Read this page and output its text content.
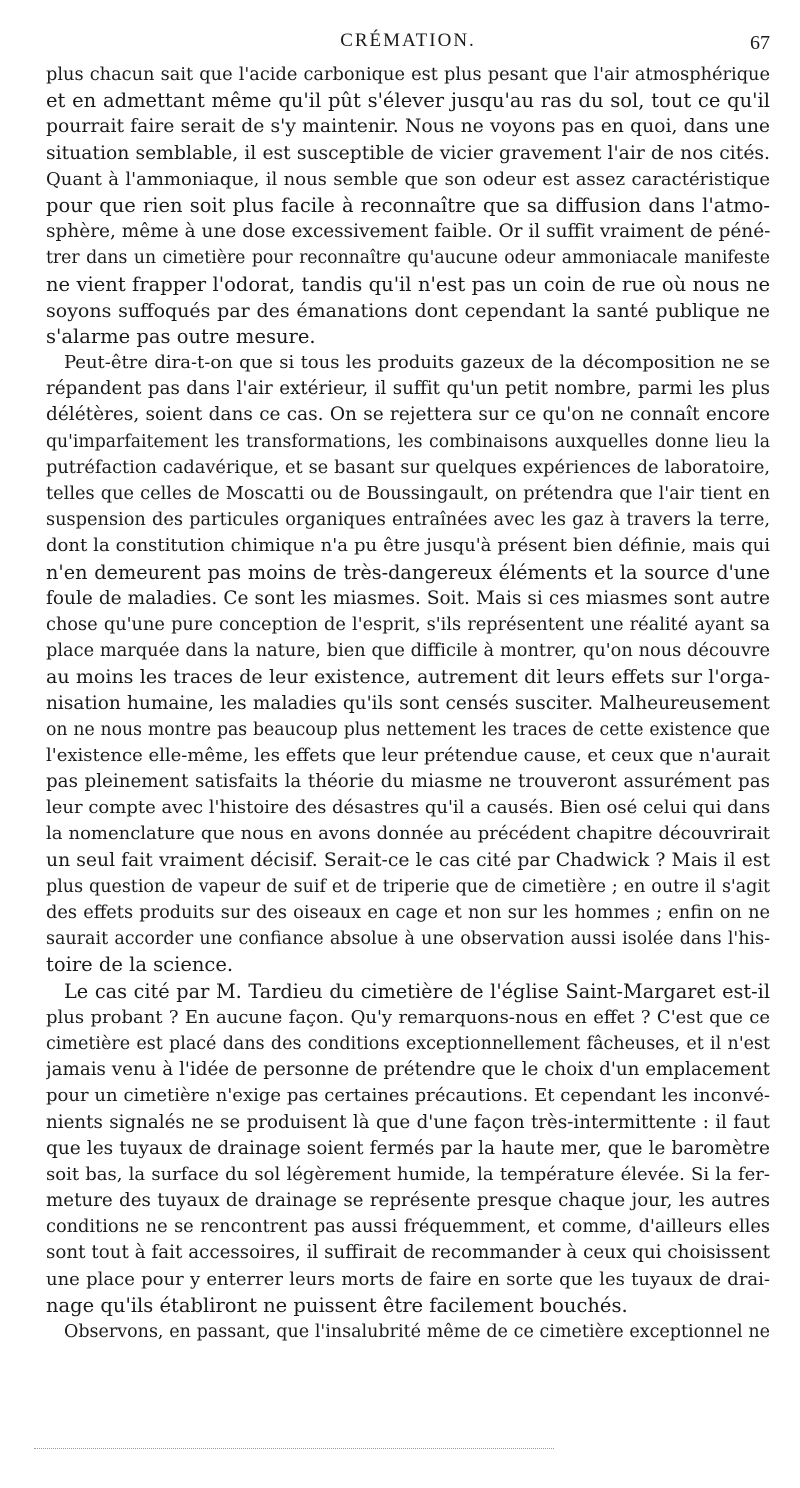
CRÉMATION.	67
plus chacun sait que l'acide carbonique est plus pesant que l'air atmosphérique
et en admettant même qu'il pût s'élever jusqu'au ras du sol, tout ce qu'il
pourrait faire serait de s'y maintenir. Nous ne voyons pas en quoi, dans une
situation semblable, il est susceptible de vicier gravement l'air de nos cités.
Quant à l'ammoniaque, il nous semble que son odeur est assez caractéristique
pour que rien soit plus facile à reconnaître que sa diffusion dans l'atmo-
sphère, même à une dose excessivement faible. Or il suffit vraiment de péné-
trer dans un cimetière pour reconnaître qu'aucune odeur ammoniacale manifeste
ne vient frapper l'odorat, tandis qu'il n'est pas un coin de rue où nous ne
soyons suffoqués par des émanations dont cependant la santé publique ne
s'alarme pas outre mesure.
Peut-être dira-t-on que si tous les produits gazeux de la décomposition ne se
répandent pas dans l'air extérieur, il suffit qu'un petit nombre, parmi les plus
délétères, soient dans ce cas. On se rejettera sur ce qu'on ne connaît encore
qu'imparfaitement les transformations, les combinaisons auxquelles donne lieu la
putréfaction cadavérique, et se basant sur quelques expériences de laboratoire,
telles que celles de Moscatti ou de Boussingault, on prétendra que l'air tient en
suspension des particules organiques entraînées avec les gaz à travers la terre,
dont la constitution chimique n'a pu être jusqu'à présent bien définie, mais qui
n'en demeurent pas moins de très-dangereux éléments et la source d'une
foule de maladies. Ce sont les miasmes. Soit. Mais si ces miasmes sont autre
chose qu'une pure conception de l'esprit, s'ils représentent une réalité ayant sa
place marquée dans la nature, bien que difficile à montrer, qu'on nous découvre
au moins les traces de leur existence, autrement dit leurs effets sur l'orga-
nisation humaine, les maladies qu'ils sont censés susciter. Malheureusement
on ne nous montre pas beaucoup plus nettement les traces de cette existence que
l'existence elle-même, les effets que leur prétendue cause, et ceux que n'aurait
pas pleinement satisfaits la théorie du miasme ne trouveront assurément pas
leur compte avec l'histoire des désastres qu'il a causés. Bien osé celui qui dans
la nomenclature que nous en avons donnée au précédent chapitre découvrirait
un seul fait vraiment décisif. Serait-ce le cas cité par Chadwick ? Mais il est
plus question de vapeur de suif et de triperie que de cimetière ; en outre il s'agit
des effets produits sur des oiseaux en cage et non sur les hommes ; enfin on ne
saurait accorder une confiance absolue à une observation aussi isolée dans l'his-
toire de la science.
Le cas cité par M. Tardieu du cimetière de l'église Saint-Margaret est-il
plus probant ? En aucune façon. Qu'y remarquons-nous en effet ? C'est que ce
cimetière est placé dans des conditions exceptionnellement fâcheuses, et il n'est
jamais venu à l'idée de personne de prétendre que le choix d'un emplacement
pour un cimetière n'exige pas certaines précautions. Et cependant les inconvé-
nients signalés ne se produisent là que d'une façon très-intermittente : il faut
que les tuyaux de drainage soient fermés par la haute mer, que le baromètre
soit bas, la surface du sol légèrement humide, la température élevée. Si la fer-
meture des tuyaux de drainage se représente presque chaque jour, les autres
conditions ne se rencontrent pas aussi fréquemment, et comme, d'ailleurs elles
sont tout à fait accessoires, il suffirait de recommander à ceux qui choisissent
une place pour y enterrer leurs morts de faire en sorte que les tuyaux de drai-
nage qu'ils établiront ne puissent être facilement bouchés.
Observons, en passant, que l'insalubrité même de ce cimetière exceptionnel ne
